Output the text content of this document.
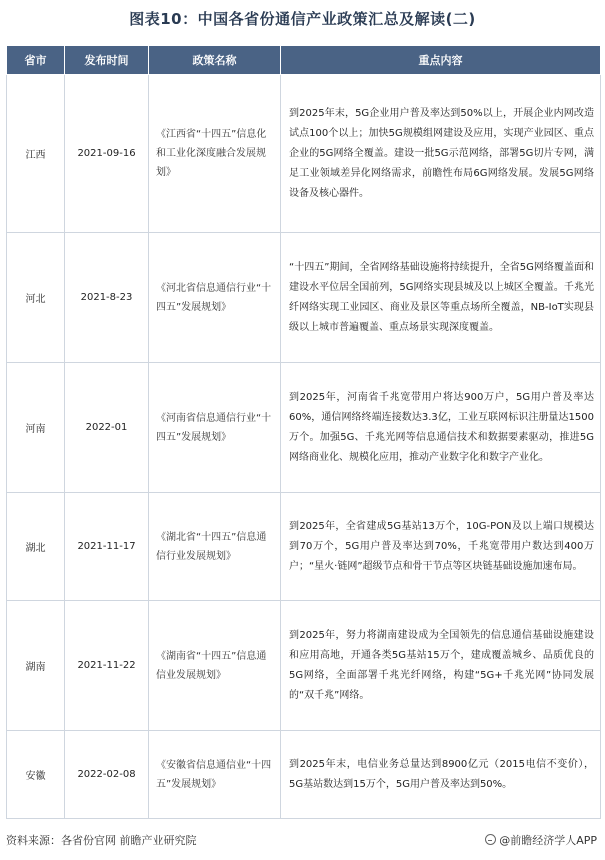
图表10：中国各省份通信产业政策汇总及解读(二)
省市	发布时间	政策名称	重点内容
江西	2021-09-16	《江西省“十四五”信息化和工业化深度融合发展规划》	到2025年末，5G企业用户普及率达到50%以上，开展企业内网改造试点100个以上；加快5G规模组网建设及应用，实现产业园区、重点企业的5G网络全覆盖。建设一批5G示范网络，部署5G切片专网，满足工业领域差异化网络需求，前瞻性布局6G网络发展。发展5G网络设备及核心器件。
河北	2021-8-23	《河北省信息通信行业“十四五”发展规划》	“十四五”期间，全省网络基础设施将持续提升，全省5G网络覆盖面和建设水平位居全国前列，5G网络实现县城及以上城区全覆盖。千兆光纤网络实现工业园区、商业及景区等重点场所全覆盖，NB-IoT实现县级以上城市普遍覆盖、重点场景实现深度覆盖。
河南	2022-01	《河南省信息通信行业“十四五”发展规划》	到2025年，河南省千兆宽带用户将达900万户，5G用户普及率达60%，通信网络终端连接数达3.3亿，工业互联网标识注册量达1500万个。加强5G、千兆光网等信息通信技术和数据要素驱动，推进5G网络商业化、规模化应用，推动产业数字化和数字产业化。
湖北	2021-11-17	《湖北省“十四五”信息通信行业发展规划》	到2025年，全省建成5G基站13万个，10G-PON及以上端口规模达到70万个，5G用户普及率达到70%，千兆宽带用户数达到400万户；“星火·链网”超级节点和骨干节点等区块链基础设施加速布局。
湖南	2021-11-22	《湖南省“十四五”信息通信业发展规划》	到2025年，努力将湖南建设成为全国领先的信息通信基础设施建设和应用高地，开通各类5G基站15万个，建成覆盖城乡、品质优良的5G网络，全面部署千兆光纤网络，构建“5G+千兆光网”协同发展的“双千兆”网络。
安徽	2022-02-08	《安徽省信息通信业“十四五”发展规划》	到2025年末，电信业务总量达到8900亿元（2015电信不变价），5G基站数达到15万个，5G用户普及率达到50%。
资料来源：各省份官网 前瞻产业研究院	@前瞻经济学人APP
